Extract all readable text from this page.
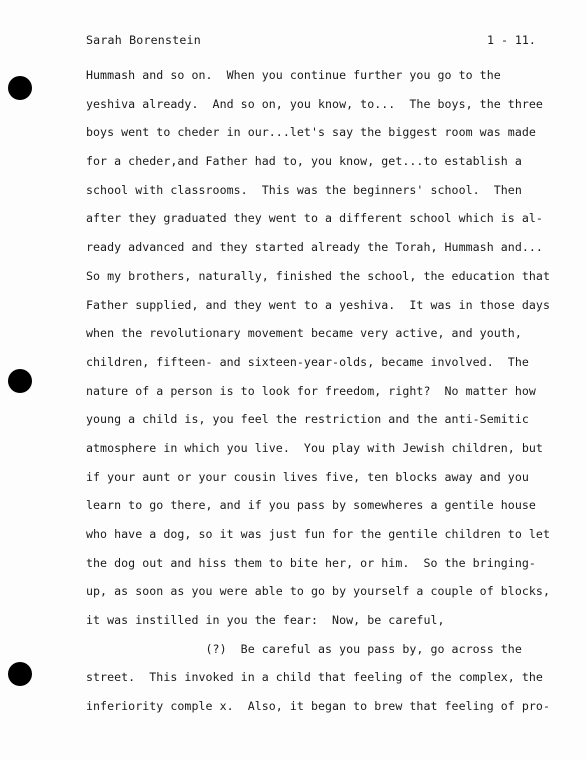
Sarah Borenstein	1 - 11.
Hummash and so on.  When you continue further you go to the
yeshiva already.  And so on, you know, to...  The boys, the three
boys went to cheder in our...let's say the biggest room was made
for a cheder,and Father had to, you know, get...to establish a
school with classrooms.  This was the beginners' school.  Then
after they graduated they went to a different school which is al-
ready advanced and they started already the Torah, Hummash and...
So my brothers, naturally, finished the school, the education that
Father supplied, and they went to a yeshiva.  It was in those days
when the revolutionary movement became very active, and youth,
children, fifteen- and sixteen-year-olds, became involved.  The
nature of a person is to look for freedom, right?  No matter how
young a child is, you feel the restriction and the anti-Semitic
atmosphere in which you live.  You play with Jewish children, but
if your aunt or your cousin lives five, ten blocks away and you
learn to go there, and if you pass by somewheres a gentile house
who have a dog, so it was just fun for the gentile children to let
the dog out and hiss them to bite her, or him.  So the bringing-
up, as soon as you were able to go by yourself a couple of blocks,
it was instilled in you the fear:  Now, be careful,
(?)  Be careful as you pass by, go across the
street.  This invoked in a child that feeling of the complex, the
inferiority comple x.  Also, it began to brew that feeling of pro-
